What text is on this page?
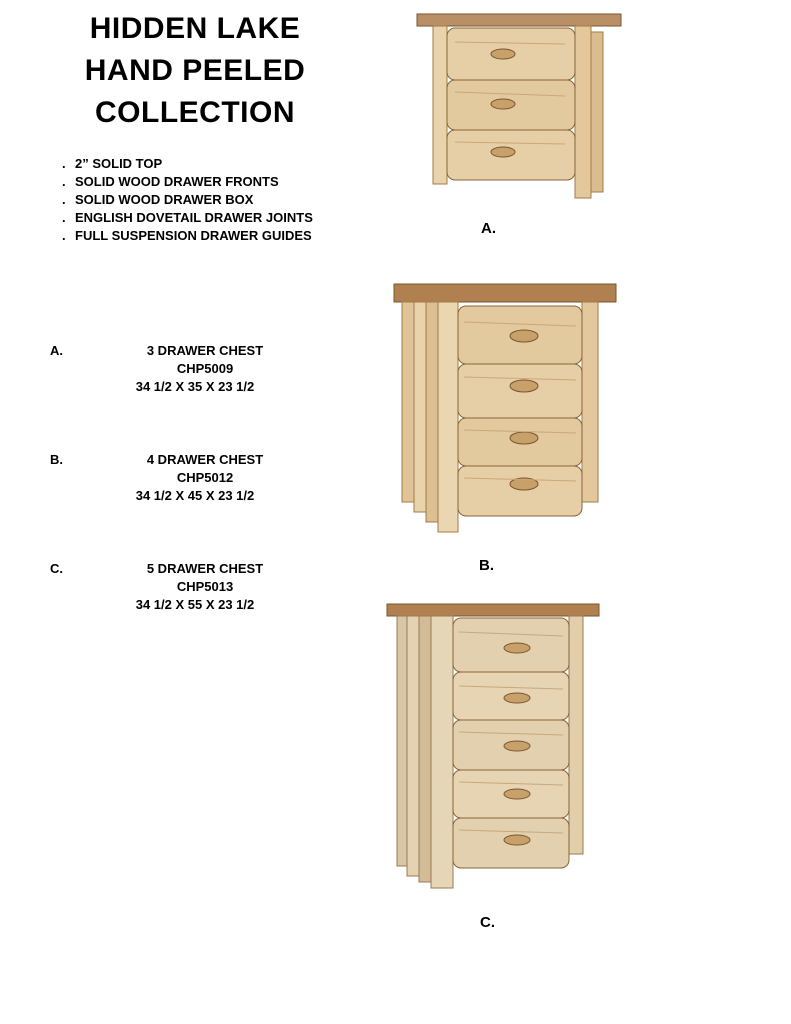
HIDDEN LAKE
HAND PEELED
COLLECTION
. 2” SOLID TOP
. SOLID WOOD DRAWER FRONTS
. SOLID WOOD DRAWER BOX
. ENGLISH DOVETAIL DRAWER JOINTS
. FULL SUSPENSION DRAWER GUIDES
A.	3 DRAWER CHEST
CHP5009
34 1/2 X 35 X 23 1/2
B.	4 DRAWER CHEST
CHP5012
34 1/2 X 45 X 23 1/2
C.	5 DRAWER CHEST
CHP5013
34 1/2 X 55 X 23 1/2
A.
B.
C.
